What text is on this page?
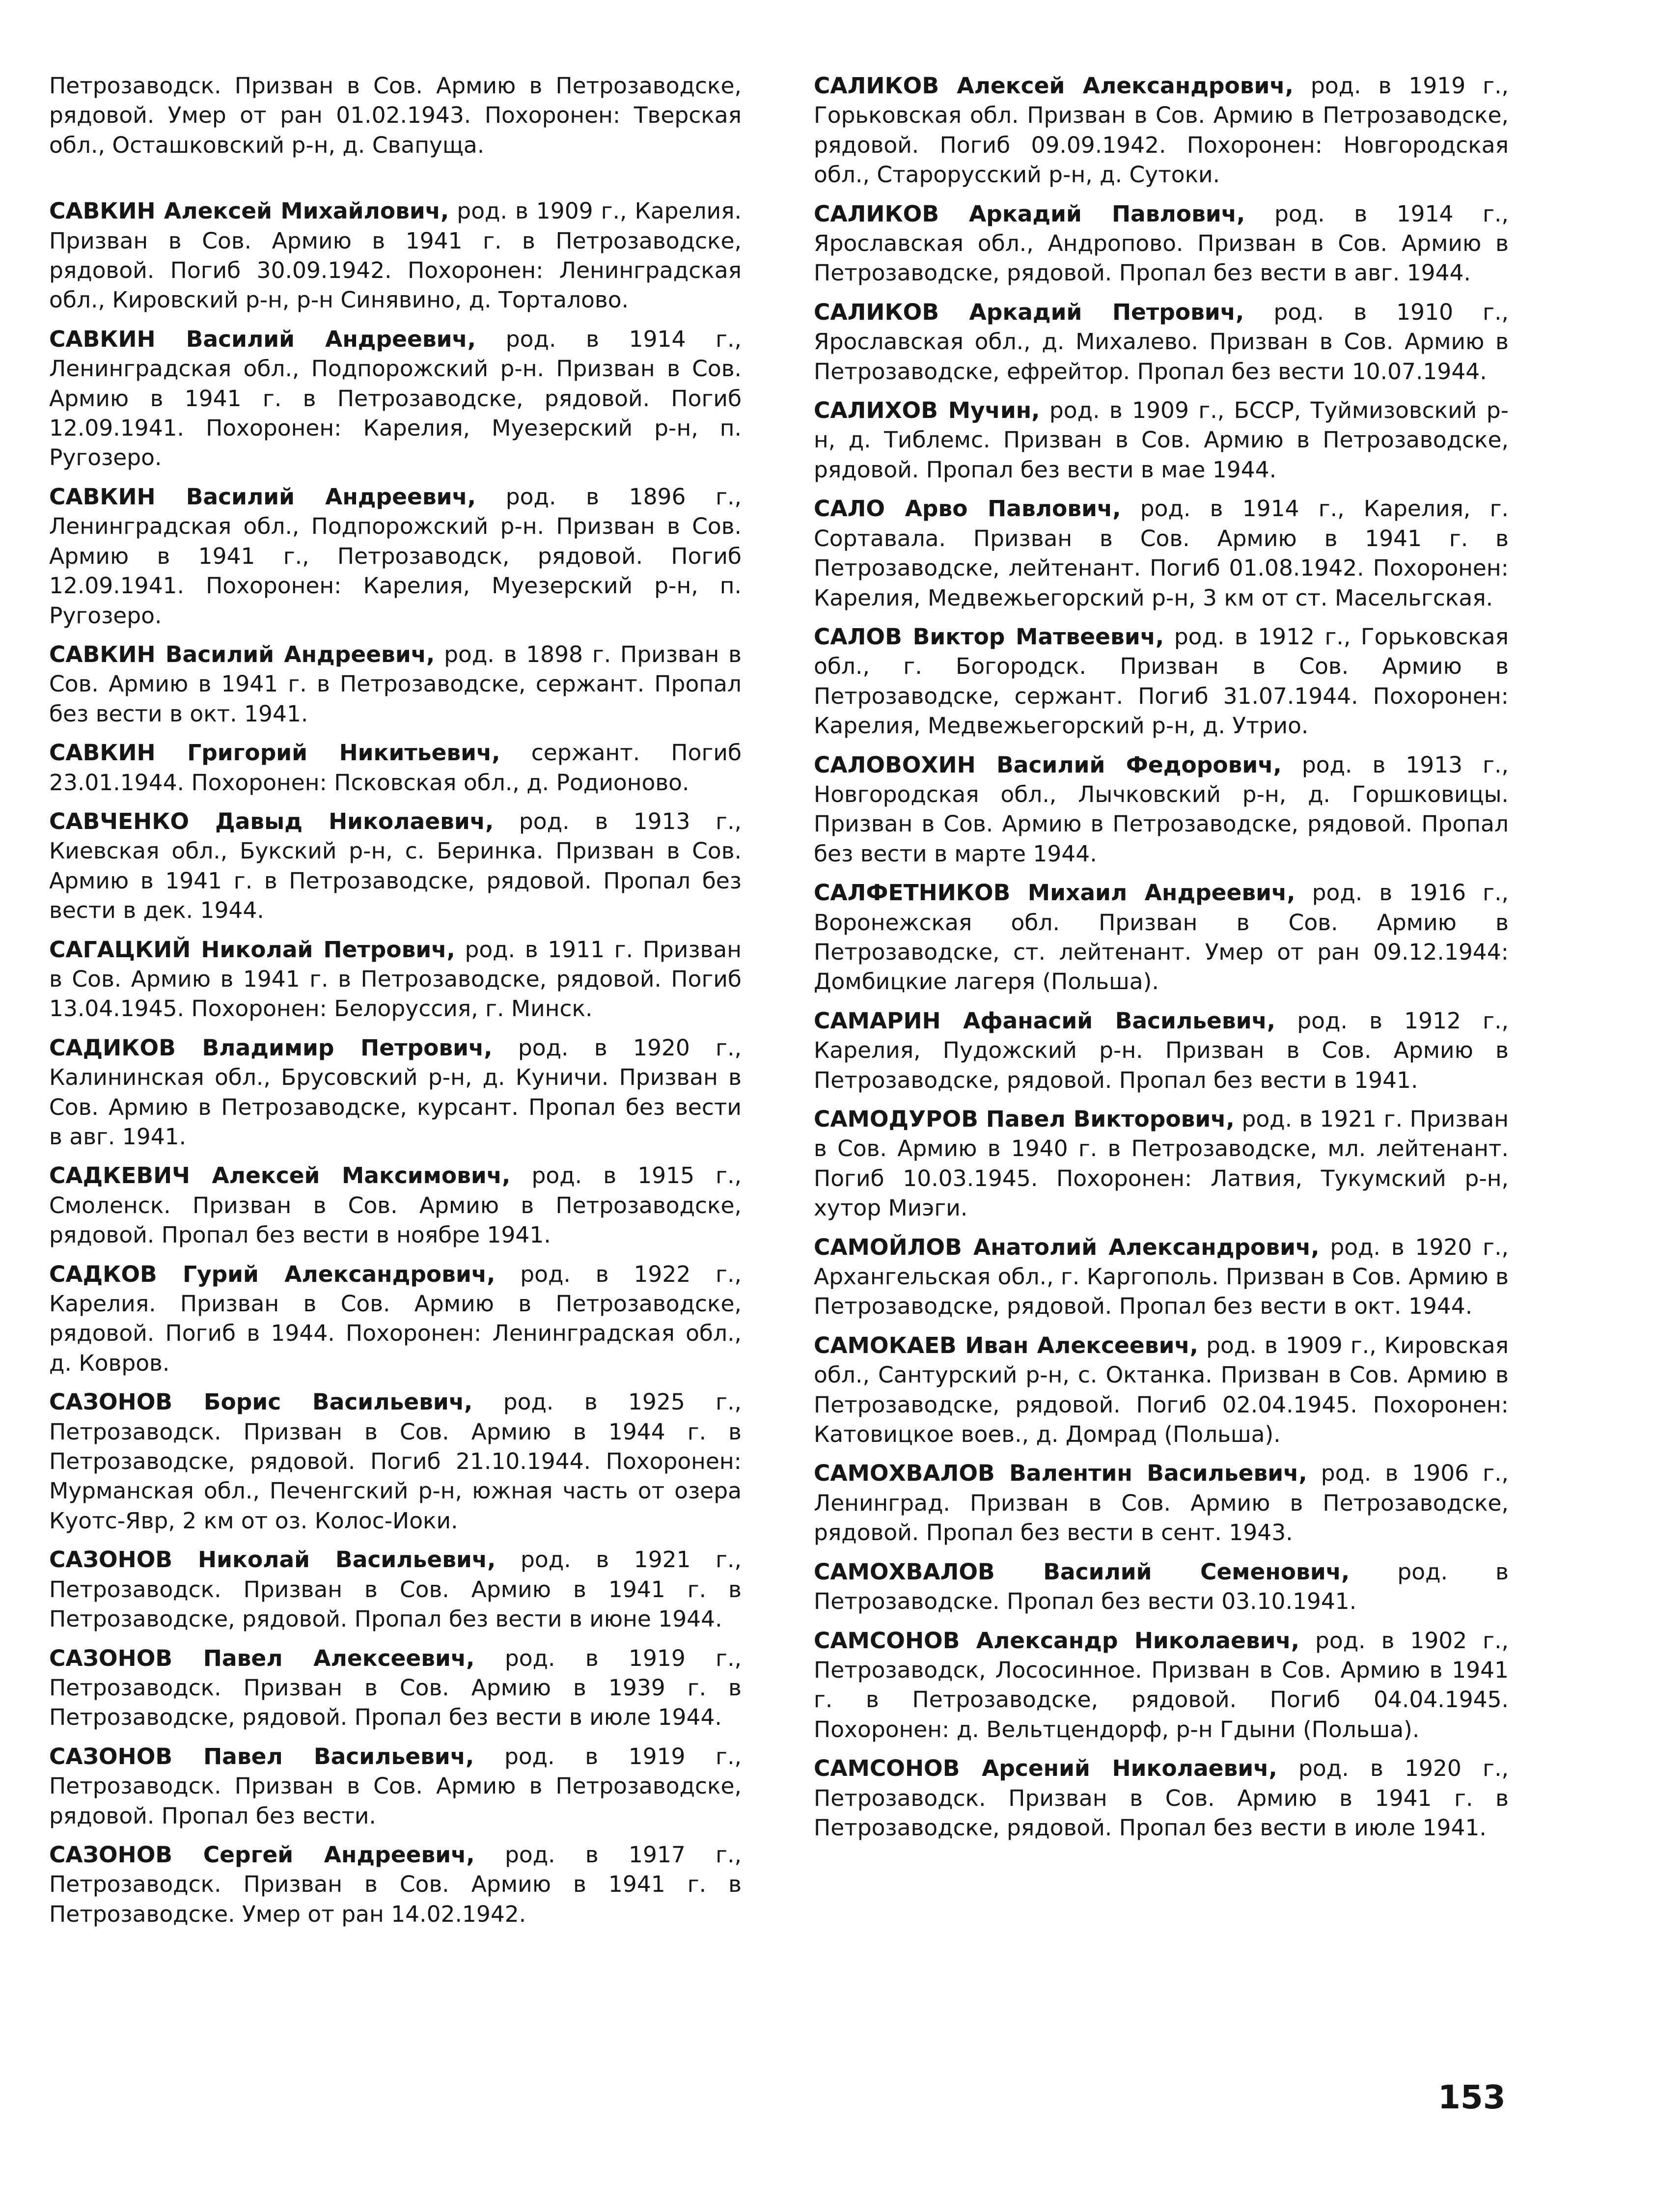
Петрозаводск. Призван в Сов. Армию в Петрозаводске, рядовой. Умер от ран 01.02.1943. Похоронен: Тверская обл., Осташковский р-н, д. Свапуща.

САВКИН Алексей Михайлович, род. в 1909 г., Карелия. Призван в Сов. Армию в 1941 г. в Петрозаводске, рядовой. Погиб 30.09.1942. Похоронен: Ленинградская обл., Кировский р-н, р-н Синявино, д. Торталово.

САВКИН Василий Андреевич, род. в 1914 г., Ленинградская обл., Подпорожский р-н. Призван в Сов. Армию в 1941 г. в Петрозаводске, рядовой. Погиб 12.09.1941. Похоронен: Карелия, Муезерский р-н, п. Ругозеро.

САВКИН Василий Андреевич, род. в 1896 г., Ленинградская обл., Подпорожский р-н. Призван в Сов. Армию в 1941 г., Петрозаводск, рядовой. Погиб 12.09.1941. Похоронен: Карелия, Муезерский р-н, п. Ругозеро.

САВКИН Василий Андреевич, род. в 1898 г. Призван в Сов. Армию в 1941 г. в Петрозаводске, сержант. Пропал без вести в окт. 1941.

САВКИН Григорий Никитьевич, сержант. Погиб 23.01.1944. Похоронен: Псковская обл., д. Родионово.

САВЧЕНКО Давыд Николаевич, род. в 1913 г., Киевская обл., Букский р-н, с. Беринка. Призван в Сов. Армию в 1941 г. в Петрозаводске, рядовой. Пропал без вести в дек. 1944.

САГАЦКИЙ Николай Петрович, род. в 1911 г. Призван в Сов. Армию в 1941 г. в Петрозаводске, рядовой. Погиб 13.04.1945. Похоронен: Белоруссия, г. Минск.

САДИКОВ Владимир Петрович, род. в 1920 г., Калининская обл., Брусовский р-н, д. Куничи. Призван в Сов. Армию в Петрозаводске, курсант. Пропал без вести в авг. 1941.

САДКЕВИЧ Алексей Максимович, род. в 1915 г., Смоленск. Призван в Сов. Армию в Петрозаводске, рядовой. Пропал без вести в ноябре 1941.

САДКОВ Гурий Александрович, род. в 1922 г., Карелия. Призван в Сов. Армию в Петрозаводске, рядовой. Погиб в 1944. Похоронен: Ленинградская обл., д. Ковров.

САЗОНОВ Борис Васильевич, род. в 1925 г., Петрозаводск. Призван в Сов. Армию в 1944 г. в Петрозаводске, рядовой. Погиб 21.10.1944. Похоронен: Мурманская обл., Печенгский р-н, южная часть от озера Куотс-Явр, 2 км от оз. Колос-Иоки.

САЗОНОВ Николай Васильевич, род. в 1921 г., Петрозаводск. Призван в Сов. Армию в 1941 г. в Петрозаводске, рядовой. Пропал без вести в июне 1944.

САЗОНОВ Павел Алексеевич, род. в 1919 г., Петрозаводск. Призван в Сов. Армию в 1939 г. в Петрозаводске, рядовой. Пропал без вести в июле 1944.

САЗОНОВ Павел Васильевич, род. в 1919 г., Петрозаводск. Призван в Сов. Армию в Петрозаводске, рядовой. Пропал без вести.

САЗОНОВ Сергей Андреевич, род. в 1917 г., Петрозаводск. Призван в Сов. Армию в 1941 г. в Петрозаводске. Умер от ран 14.02.1942.

САЛИКОВ Алексей Александрович, род. в 1919 г., Горьковская обл. Призван в Сов. Армию в Петрозаводске, рядовой. Погиб 09.09.1942. Похоронен: Новгородская обл., Старорусский р-н, д. Сутоки.

САЛИКОВ Аркадий Павлович, род. в 1914 г., Ярославская обл., Андропово. Призван в Сов. Армию в Петрозаводске, рядовой. Пропал без вести в авг. 1944.

САЛИКОВ Аркадий Петрович, род. в 1910 г., Ярославская обл., д. Михалево. Призван в Сов. Армию в Петрозаводске, ефрейтор. Пропал без вести 10.07.1944.

САЛИХОВ Мучин, род. в 1909 г., БССР, Туймизовский р-н, д. Тиблемс. Призван в Сов. Армию в Петрозаводске, рядовой. Пропал без вести в мае 1944.

САЛО Арво Павлович, род. в 1914 г., Карелия, г. Сортавала. Призван в Сов. Армию в 1941 г. в Петрозаводске, лейтенант. Погиб 01.08.1942. Похоронен: Карелия, Медвежьегорский р-н, 3 км от ст. Масельгская.

САЛОВ Виктор Матвеевич, род. в 1912 г., Горьковская обл., г. Богородск. Призван в Сов. Армию в Петрозаводске, сержант. Погиб 31.07.1944. Похоронен: Карелия, Медвежьегорский р-н, д. Утрио.

САЛОВОХИН Василий Федорович, род. в 1913 г., Новгородская обл., Лычковский р-н, д. Горшковицы. Призван в Сов. Армию в Петрозаводске, рядовой. Пропал без вести в марте 1944.

САЛФЕТНИКОВ Михаил Андреевич, род. в 1916 г., Воронежская обл. Призван в Сов. Армию в Петрозаводске, ст. лейтенант. Умер от ран 09.12.1944: Домбицкие лагеря (Польша).

САМАРИН Афанасий Васильевич, род. в 1912 г., Карелия, Пудожский р-н. Призван в Сов. Армию в Петрозаводске, рядовой. Пропал без вести в 1941.

САМОДУРОВ Павел Викторович, род. в 1921 г. Призван в Сов. Армию в 1940 г. в Петрозаводске, мл. лейтенант. Погиб 10.03.1945. Похоронен: Латвия, Тукумский р-н, хутор Миэги.

САМОЙЛОВ Анатолий Александрович, род. в 1920 г., Архангельская обл., г. Каргополь. Призван в Сов. Армию в Петрозаводске, рядовой. Пропал без вести в окт. 1944.

САМОКАЕВ Иван Алексеевич, род. в 1909 г., Кировская обл., Сантурский р-н, с. Октанка. Призван в Сов. Армию в Петрозаводске, рядовой. Погиб 02.04.1945. Похоронен: Катовицкое воев., д. Домрад (Польша).

САМОХВАЛОВ Валентин Васильевич, род. в 1906 г., Ленинград. Призван в Сов. Армию в Петрозаводске, рядовой. Пропал без вести в сент. 1943.

САМОХВАЛОВ Василий Семенович, род. в Петрозаводске. Пропал без вести 03.10.1941.

САМСОНОВ Александр Николаевич, род. в 1902 г., Петрозаводск, Лососинное. Призван в Сов. Армию в 1941 г. в Петрозаводске, рядовой. Погиб 04.04.1945. Похоронен: д. Вельтцендорф, р-н Гдыни (Польша).

САМСОНОВ Арсений Николаевич, род. в 1920 г., Петрозаводск. Призван в Сов. Армию в 1941 г. в Петрозаводске, рядовой. Пропал без вести в июле 1941.

153
